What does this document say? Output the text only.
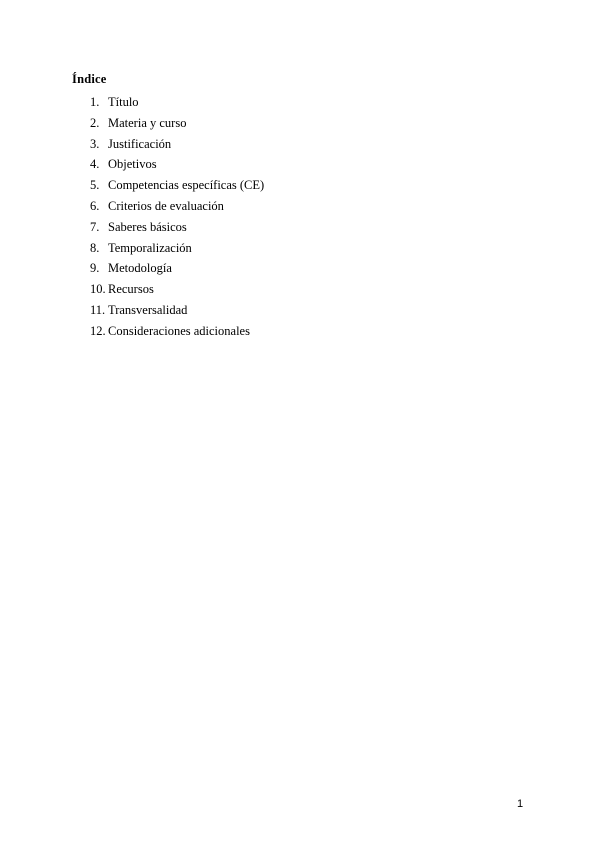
Índice
1. Título
2. Materia y curso
3. Justificación
4. Objetivos
5. Competencias específicas (CE)
6. Criterios de evaluación
7. Saberes básicos
8. Temporalización
9. Metodología
10. Recursos
11. Transversalidad
12. Consideraciones adicionales
1
